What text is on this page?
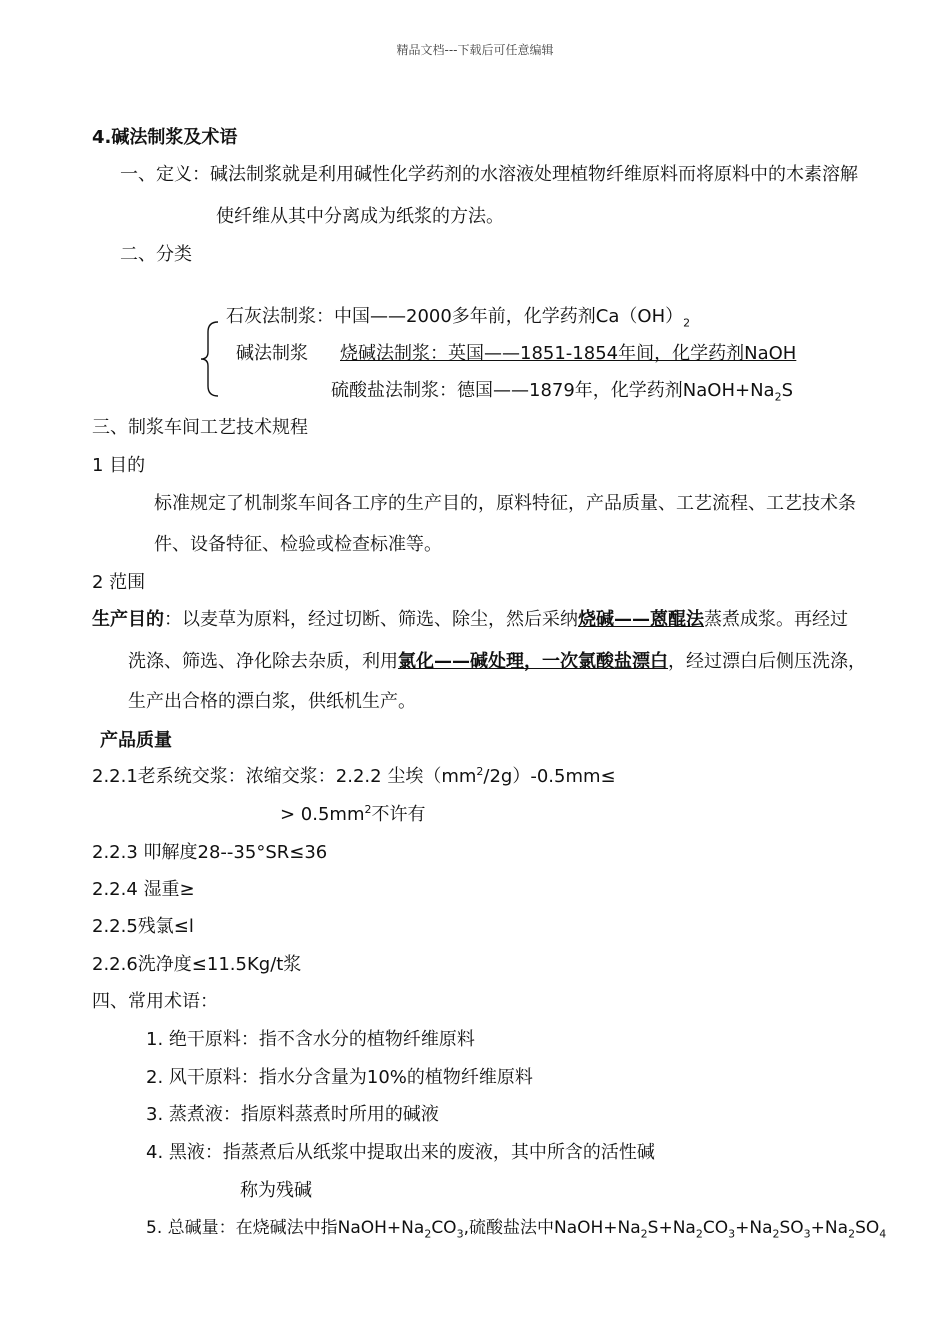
精品文档---下载后可任意编辑
4.碱法制浆及术语
一、定义：碱法制浆就是利用碱性化学药剂的水溶液处理植物纤维原料而将原料中的木素溶解
使纤维从其中分离成为纸浆的方法。
二、分类
石灰法制浆：中国——2000多年前，化学药剂$Ca(OH)_2$
碱法制浆 烧碱法制浆：英国——1851-1854年间，化学药剂NaOH
硫酸盐法制浆：德国——1879年，化学药剂$NaOH+Na_2S$
三、制浆车间工艺技术规程
1 目的
标准规定了机制浆车间各工序的生产目的，原料特征，产品质量、工艺流程、工艺技术条
件、设备特征、检验或检查标准等。
2 范围
生产目的：以麦草为原料，经过切断、筛选、除尘，然后采纳烧碱——蒽醌法蒸煮成浆。再经过
洗涤、筛选、净化除去杂质，利用氯化——碱处理，一次氯酸盐漂白，经过漂白后侧压洗涤，
生产出合格的漂白浆，供纸机生产。
产品质量
2.2.1老系统交浆：浓缩交浆：2.2.2 尘埃$(mm^2/2g)-0.5mm\le$
> $0.5mm^2$不许有
2.2.3 叩解度28--35°SR≤36
2.2.4 湿重≥
2.2.5残氯≤l
2.2.6洗净度≤11.5Kg/t浆
四、常用术语：
1. 绝干原料：指不含水分的植物纤维原料
2. 风干原料：指水分含量为10%的植物纤维原料
3. 蒸煮液：指原料蒸煮时所用的碱液
4. 黑液：指蒸煮后从纸浆中提取出来的废液，其中所含的活性碱
称为残碱
5. 总碱量：在烧碱法中指$NaOH+Na_2CO_3$,硫酸盐法中$NaOH+Na_2S+Na_2CO_3+Na_2SO_3+Na_2SO_4$
